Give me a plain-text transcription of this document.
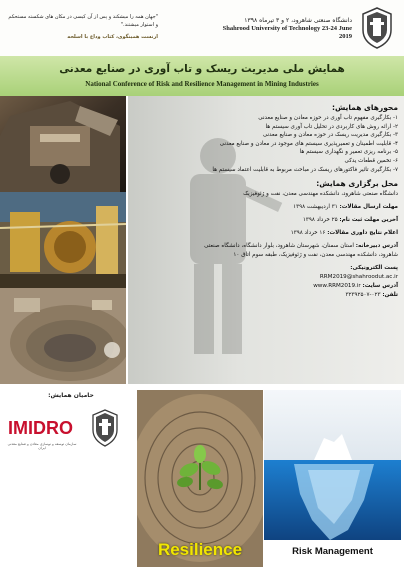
"جهان همه را میشکند و پس از آن کیسی در مکان های شکسته مستحکم و استوار میشتند."
ارنست همینگوی، کتاب وداع با اسلحه
دانشگاه صنعتی شاهرود، ۲ و ۳ تیرماه ۱۳۹۸
Shahrood University of Technology 23-24 June 2019
همایش ملی مدیریت ریسک و تاب آوری در صنایع معدنی
National Conference of Risk and Resilience Management in Mining Industries
محورهای همایش:
۱- بکارگیری مفهوم تاب آوری در حوزه معادن و صنایع معدنی
۲- ارائه روش های کاربردی در تحلیل تاب آوری سیستم ها
۳- بکارگیری مدیریت ریسک در حوزه معادن و صنایع معدنی
۴- قابلیت اطمینان و تعمیرپذیری سیستم های موجود در معادن و صنایع معدنی
۵- برنامه ریزی تعمیر و نگهداری سیستم ها
۶- تخمین قطعات یدکی
۷- بکارگیری تاثیر فاکتورهای ریسک در مباحث مربوط به قابلیت اعتماد سیستم ها
محل برگزاری همایش:
دانشگاه صنعتی شاهرود، دانشکده مهندسی معدن، نفت و ژئوفیزیک
مهلت ارسال مقالات: ۳۱ اردیبهشت ۱۳۹۸
آخرین مهلت ثبت نام: ۲۵ خرداد ۱۳۹۸
اعلام نتایج داوری مقالات: ۱۶ خرداد ۱۳۹۸
آدرس دبیرخانه: استان سمنان، شهرستان شاهرود، بلوار دانشگاه، دانشگاه صنعتی
شاهرود، دانشکده مهندسی معدن، نفت و ژئوفیزیک، طبقه سوم اتاق ۱۰
پست الکترونیکی:
RRM2019@shahroodut.ac.ir
آدرس سایت: www.RRM2019.ir
تلفن: ۰۲۳-۳۲۳۹۲۵۰۷
حامیان همایش:
IMIDRO
سازمان توسعه و نوسازی معادن و صنایع معدنی ایران
Resilience	Risk Management
